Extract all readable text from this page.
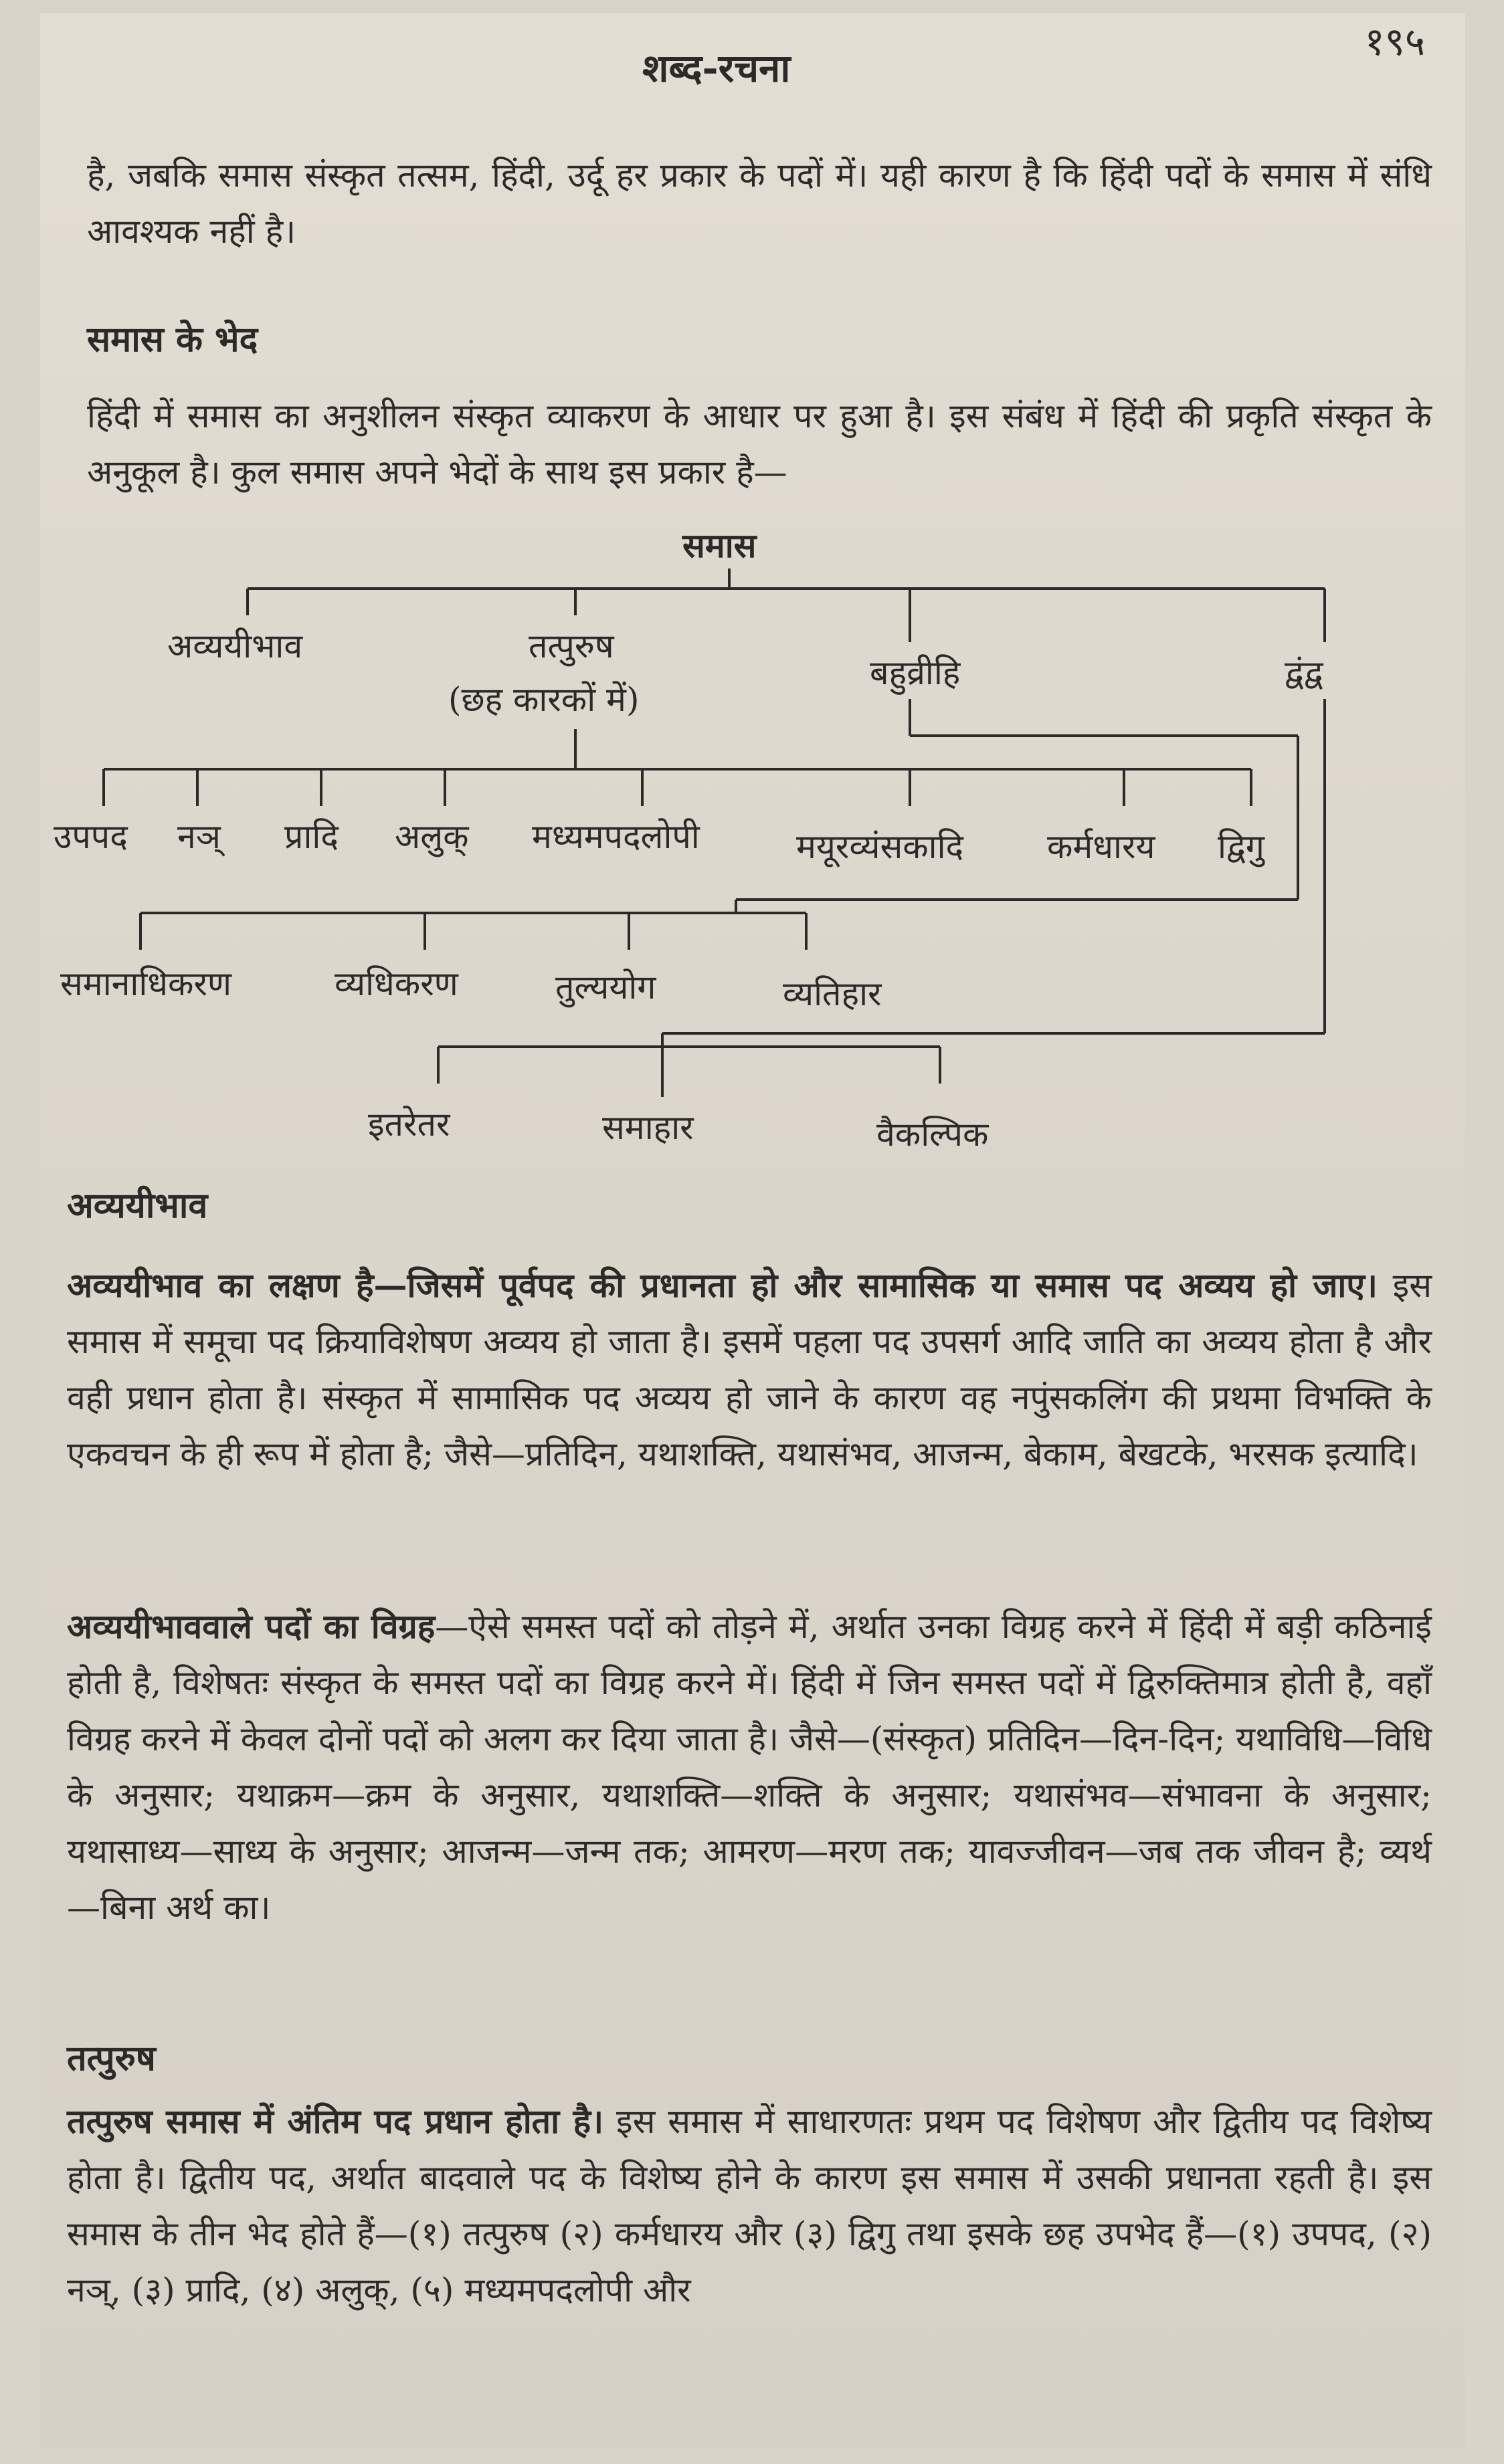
शब्द-रचना
१९५
है, जबकि समास संस्कृत तत्सम, हिंदी, उर्दू हर प्रकार के पदों में। यही कारण है कि हिंदी पदों के समास में संधि आवश्यक नहीं है।
समास के भेद
हिंदी में समास का अनुशीलन संस्कृत व्याकरण के आधार पर हुआ है। इस संबंध में हिंदी की प्रकृति संस्कृत के अनुकूल है। कुल समास अपने भेदों के साथ इस प्रकार है—
समास
अव्ययीभाव	तत्पुरुष
(छह कारकों में)
बहुव्रीहि	द्वंद्व
उपपद नञ् प्रादि अलुक् मध्यमपदलोपी	मयूरव्यंसकादि कर्मधारय द्विगु
समानाधिकरण	व्यधिकरण	तुल्ययोग	व्यतिहार
इतरेतर	समाहार	वैकल्पिक
अव्ययीभाव
अव्ययीभाव का लक्षण है—जिसमें पूर्वपद की प्रधानता हो और सामासिक या समास पद अव्यय हो जाए। इस समास में समूचा पद क्रियाविशेषण अव्यय हो जाता है। इसमें पहला पद उपसर्ग आदि जाति का अव्यय होता है और वही प्रधान होता है। संस्कृत में सामासिक पद अव्यय हो जाने के कारण वह नपुंसकलिंग की प्रथमा विभक्ति के एकवचन के ही रूप में होता है; जैसे—प्रतिदिन, यथाशक्ति, यथासंभव, आजन्म, बेकाम, बेखटके, भरसक इत्यादि।
अव्ययीभाववाले पदों का विग्रह—ऐसे समस्त पदों को तोड़ने में, अर्थात उनका विग्रह करने में हिंदी में बड़ी कठिनाई होती है, विशेषतः संस्कृत के समस्त पदों का विग्रह करने में। हिंदी में जिन समस्त पदों में द्विरुक्तिमात्र होती है, वहाँ विग्रह करने में केवल दोनों पदों को अलग कर दिया जाता है। जैसे—(संस्कृत) प्रतिदिन—दिन-दिन; यथाविधि—विधि के अनुसार; यथाक्रम—क्रम के अनुसार, यथाशक्ति—शक्ति के अनुसार; यथासंभव—संभावना के अनुसार; यथासाध्य—साध्य के अनुसार; आजन्म—जन्म तक; आमरण—मरण तक; यावज्जीवन—जब तक जीवन है; व्यर्थ—बिना अर्थ का।
तत्पुरुष
तत्पुरुष समास में अंतिम पद प्रधान होता है। इस समास में साधारणतः प्रथम पद विशेषण और द्वितीय पद विशेष्य होता है। द्वितीय पद, अर्थात बादवाले पद के विशेष्य होने के कारण इस समास में उसकी प्रधानता रहती है। इस समास के तीन भेद होते हैं—(१) तत्पुरुष (२) कर्मधारय और (३) द्विगु तथा इसके छह उपभेद हैं—(१) उपपद, (२) नञ्, (३) प्रादि, (४) अलुक्, (५) मध्यमपदलोपी और
